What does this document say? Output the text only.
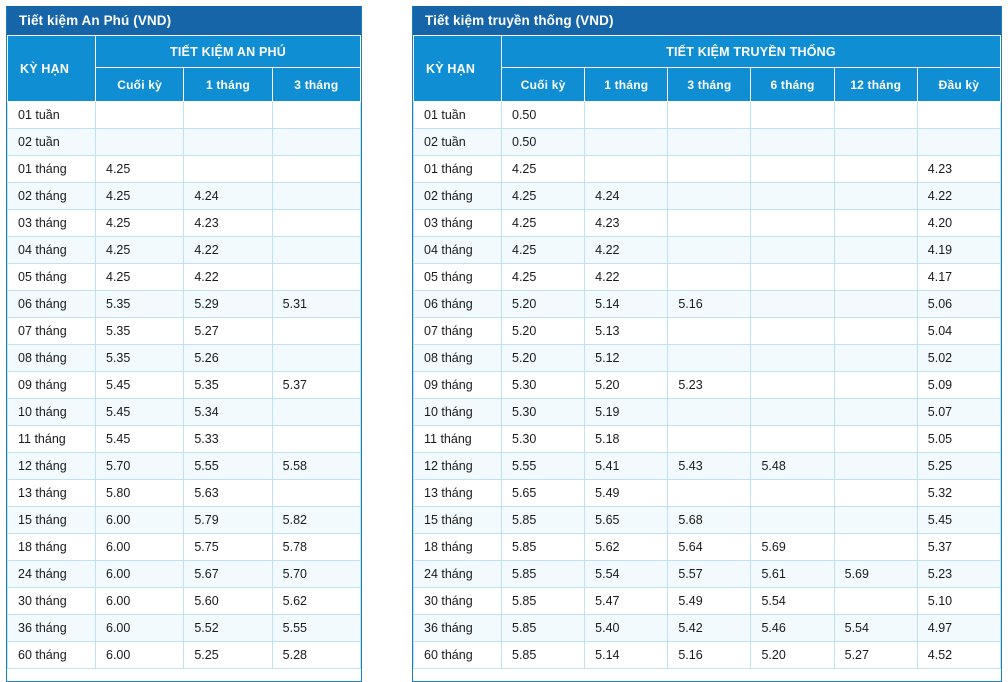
Tiết kiệm An Phú (VND)
KỲ HẠN	TIẾT KIỆM AN PHÚ		
	Cuối kỳ	1 tháng	3 tháng
01 tuần			
02 tuần			
01 tháng	4.25		
02 tháng	4.25	4.24	
03 tháng	4.25	4.23	
04 tháng	4.25	4.22	
05 tháng	4.25	4.22	
06 tháng	5.35	5.29	5.31
07 tháng	5.35	5.27	
08 tháng	5.35	5.26	
09 tháng	5.45	5.35	5.37
10 tháng	5.45	5.34	
11 tháng	5.45	5.33	
12 tháng	5.70	5.55	5.58
13 tháng	5.80	5.63	
15 tháng	6.00	5.79	5.82
18 tháng	6.00	5.75	5.78
24 tháng	6.00	5.67	5.70
30 tháng	6.00	5.60	5.62
36 tháng	6.00	5.52	5.55
60 tháng	6.00	5.25	5.28
Tiết kiệm truyền thống (VND)
KỲ HẠN	TIẾT KIỆM TRUYỀN THỐNG					
	Cuối kỳ	1 tháng	3 tháng	6 tháng	12 tháng	Đầu kỳ
01 tuần	0.50					
02 tuần	0.50					
01 tháng	4.25					4.23
02 tháng	4.25	4.24				4.22
03 tháng	4.25	4.23				4.20
04 tháng	4.25	4.22				4.19
05 tháng	4.25	4.22				4.17
06 tháng	5.20	5.14	5.16			5.06
07 tháng	5.20	5.13				5.04
08 tháng	5.20	5.12				5.02
09 tháng	5.30	5.20	5.23			5.09
10 tháng	5.30	5.19				5.07
11 tháng	5.30	5.18				5.05
12 tháng	5.55	5.41	5.43	5.48		5.25
13 tháng	5.65	5.49				5.32
15 tháng	5.85	5.65	5.68			5.45
18 tháng	5.85	5.62	5.64	5.69		5.37
24 tháng	5.85	5.54	5.57	5.61	5.69	5.23
30 tháng	5.85	5.47	5.49	5.54		5.10
36 tháng	5.85	5.40	5.42	5.46	5.54	4.97
60 tháng	5.85	5.14	5.16	5.20	5.27	4.52
